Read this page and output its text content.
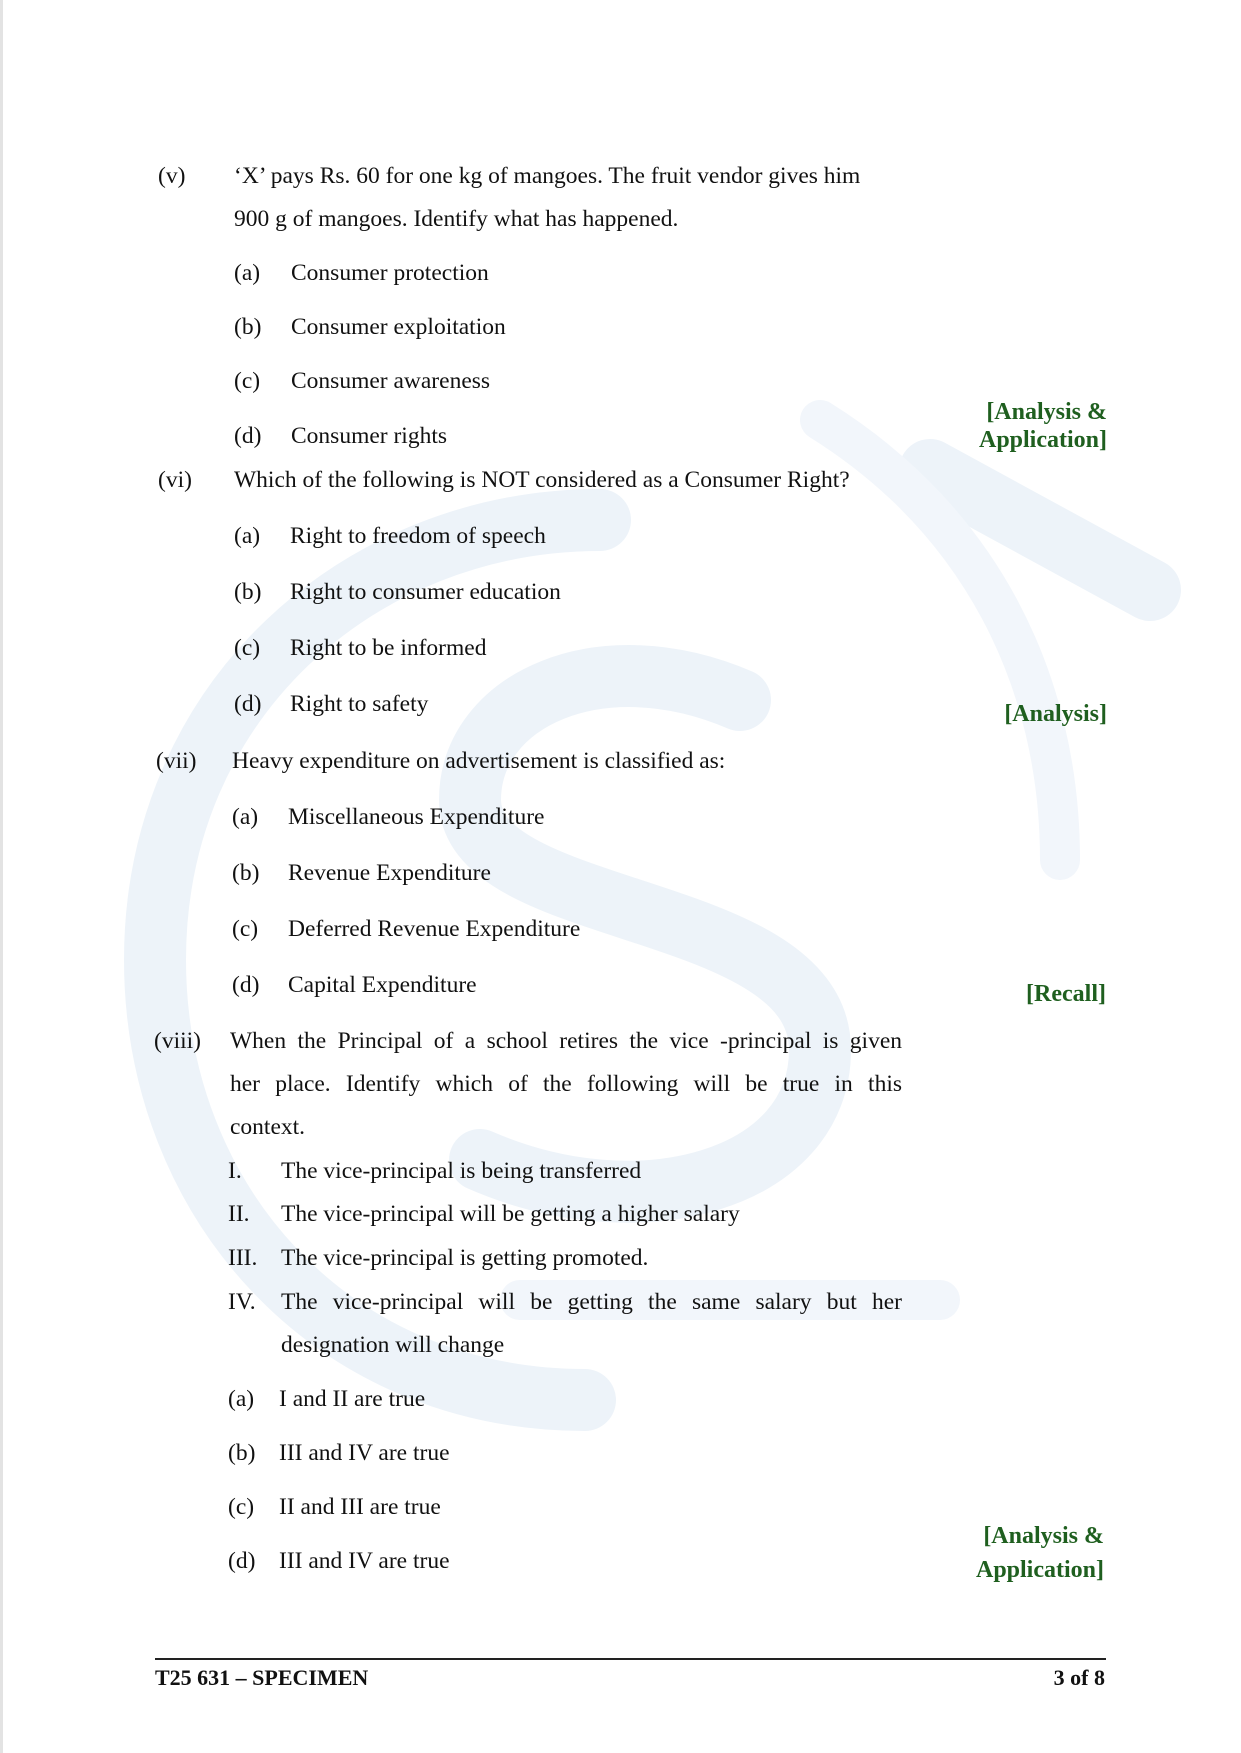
(v) ‘X’ pays Rs. 60 for one kg of mangoes. The fruit vendor gives him
900 g of mangoes. Identify what has happened.
(a) Consumer protection
(b) Consumer exploitation
(c) Consumer awareness
(d) Consumer rights
[Analysis &
Application]
(vi) Which of the following is NOT considered as a Consumer Right?
(a) Right to freedom of speech
(b) Right to consumer education
(c) Right to be informed
(d) Right to safety	[Analysis]
(vii) Heavy expenditure on advertisement is classified as:
(a) Miscellaneous Expenditure
(b) Revenue Expenditure
(c) Deferred Revenue Expenditure
(d) Capital Expenditure	[Recall]
(viii) When the Principal of a school retires the vice -principal is given
her place. Identify which of the following will be true in this
context.
I. The vice-principal is being transferred
II. The vice-principal will be getting a higher salary
III. The vice-principal is getting promoted.
IV. The vice-principal will be getting the same salary but her
designation will change
(a) I and II are true
(b) III and IV are true
(c) II and III are true
(d) III and IV are true
[Analysis &
Application]
T25 631 – SPECIMEN	3 of 8
